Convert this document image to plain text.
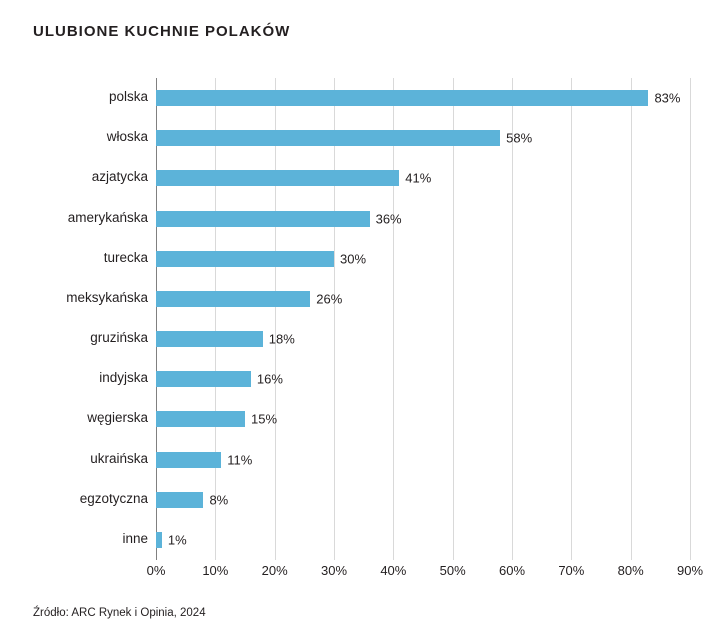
ULUBIONE KUCHNIE POLAKÓW
83%
58%
41%
36%
30%
26%
18%
16%
15%
11%
8%
1%
polska
włoska
azjatycka
amerykańska
turecka
meksykańska
gruzińska
indyjska
węgierska
ukraińska
egzotyczna
inne
0%	10%	20%	30%	40%	50%	60%	70%	80%	90%
Źródło: ARC Rynek i Opinia, 2024
